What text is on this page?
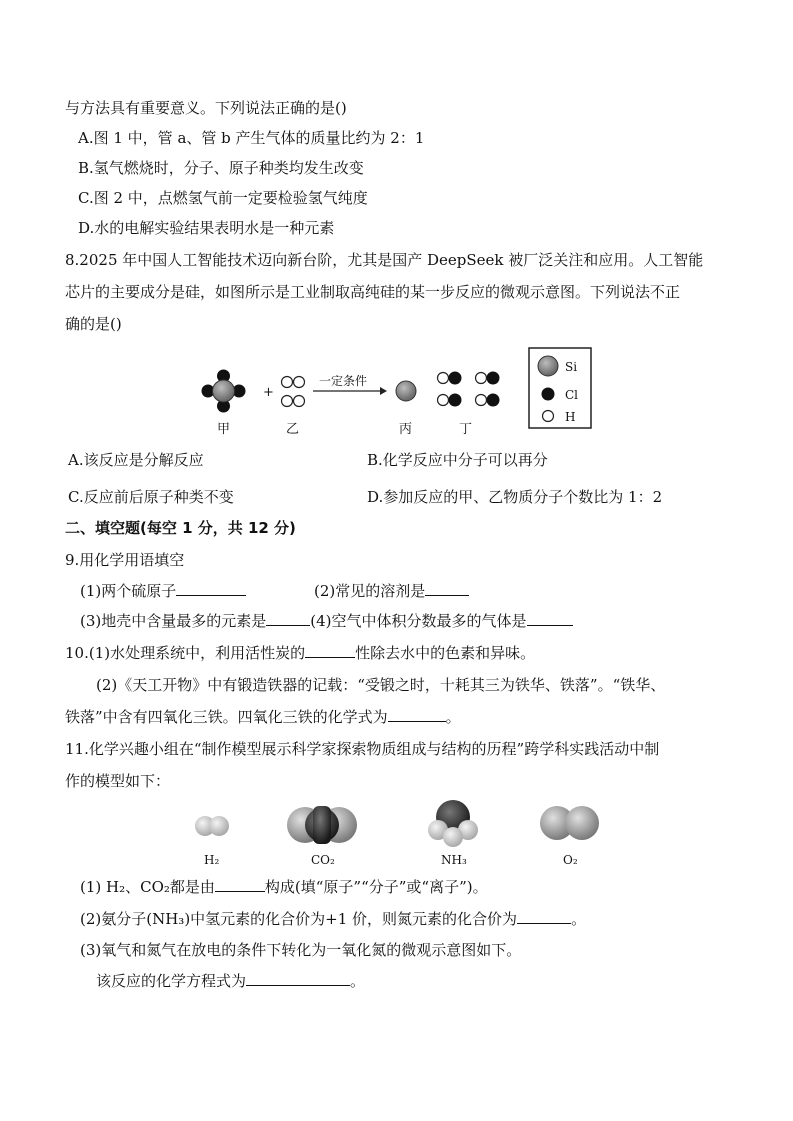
与方法具有重要意义。下列说法正确的是()
A.图 1 中，管 a、管 b 产生气体的质量比约为 2：1
B.氢气燃烧时，分子、原子种类均发生改变
C.图 2 中，点燃氢气前一定要检验氢气纯度
D.水的电解实验结果表明水是一种元素
8.2025 年中国人工智能技术迈向新台阶，尤其是国产 DeepSeek 被厂泛关注和应用。人工智能
芯片的主要成分是硅，如图所示是工业制取高纯硅的某一步反应的微观示意图。下列说法不正
确的是()
+
一定条件
甲	乙	丙	丁
Si
Cl
H
A.该反应是分解反应	B.化学反应中分子可以再分
C.反应前后原子种类不变	D.参加反应的甲、乙物质分子个数比为 1：2
二、填空题(每空 1 分，共 12 分)
9.用化学用语填空
(1)两个硫原子	(2)常见的溶剂是
(3)地壳中含量最多的元素是	(4)空气中体积分数最多的气体是
10.(1)水处理系统中，利用活性炭的	性除去水中的色素和异味。
(2)《天工开物》中有锻造铁器的记载：“受锻之时，十耗其三为铁华、铁落”。“铁华、
铁落”中含有四氧化三铁。四氧化三铁的化学式为	。
11.化学兴趣小组在“制作模型展示科学家探索物质组成与结构的历程”跨学科实践活动中制
作的模型如下：
H₂	CO₂	NH₃	O₂
(1) H₂、CO₂都是由	构成(填“原子”“分子”或“离子”)。
(2)氨分子(NH₃)中氢元素的化合价为+1 价，则氮元素的化合价为	。
(3)氧气和氮气在放电的条件下转化为一氧化氮的微观示意图如下。
该反应的化学方程式为	。
